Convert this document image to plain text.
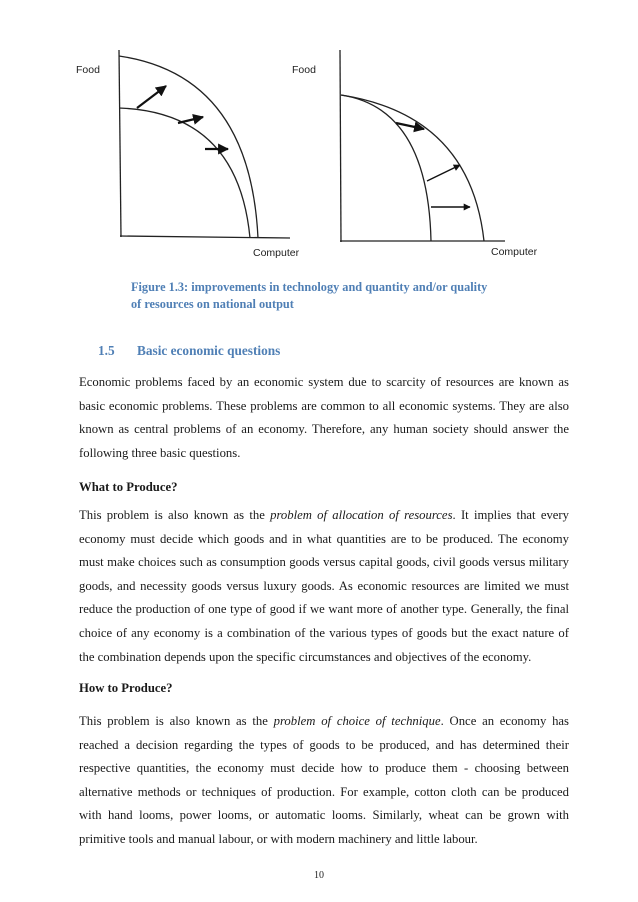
Food	Food
Computer	Computer
Figure 1.3: improvements in technology and quantity and/or quality
of resources on national output
1.5 Basic economic questions

Economic problems faced by an economic system due to scarcity of resources are known as basic economic problems. These problems are common to all economic systems. They are also known as central problems of an economy. Therefore, any human society should answer the following three basic questions.

What to Produce?

This problem is also known as the problem of allocation of resources. It implies that every economy must decide which goods and in what quantities are to be produced. The economy must make choices such as consumption goods versus capital goods, civil goods versus military goods, and necessity goods versus luxury goods. As economic resources are limited we must reduce the production of one type of good if we want more of another type. Generally, the final choice of any economy is a combination of the various types of goods but the exact nature of the combination depends upon the specific circumstances and objectives of the economy.

How to Produce?

This problem is also known as the problem of choice of technique. Once an economy has reached a decision regarding the types of goods to be produced, and has determined their respective quantities, the economy must decide how to produce them - choosing between alternative methods or techniques of production. For example, cotton cloth can be produced with hand looms, power looms, or automatic looms. Similarly, wheat can be grown with primitive tools and manual labour, or with modern machinery and little labour.

10
